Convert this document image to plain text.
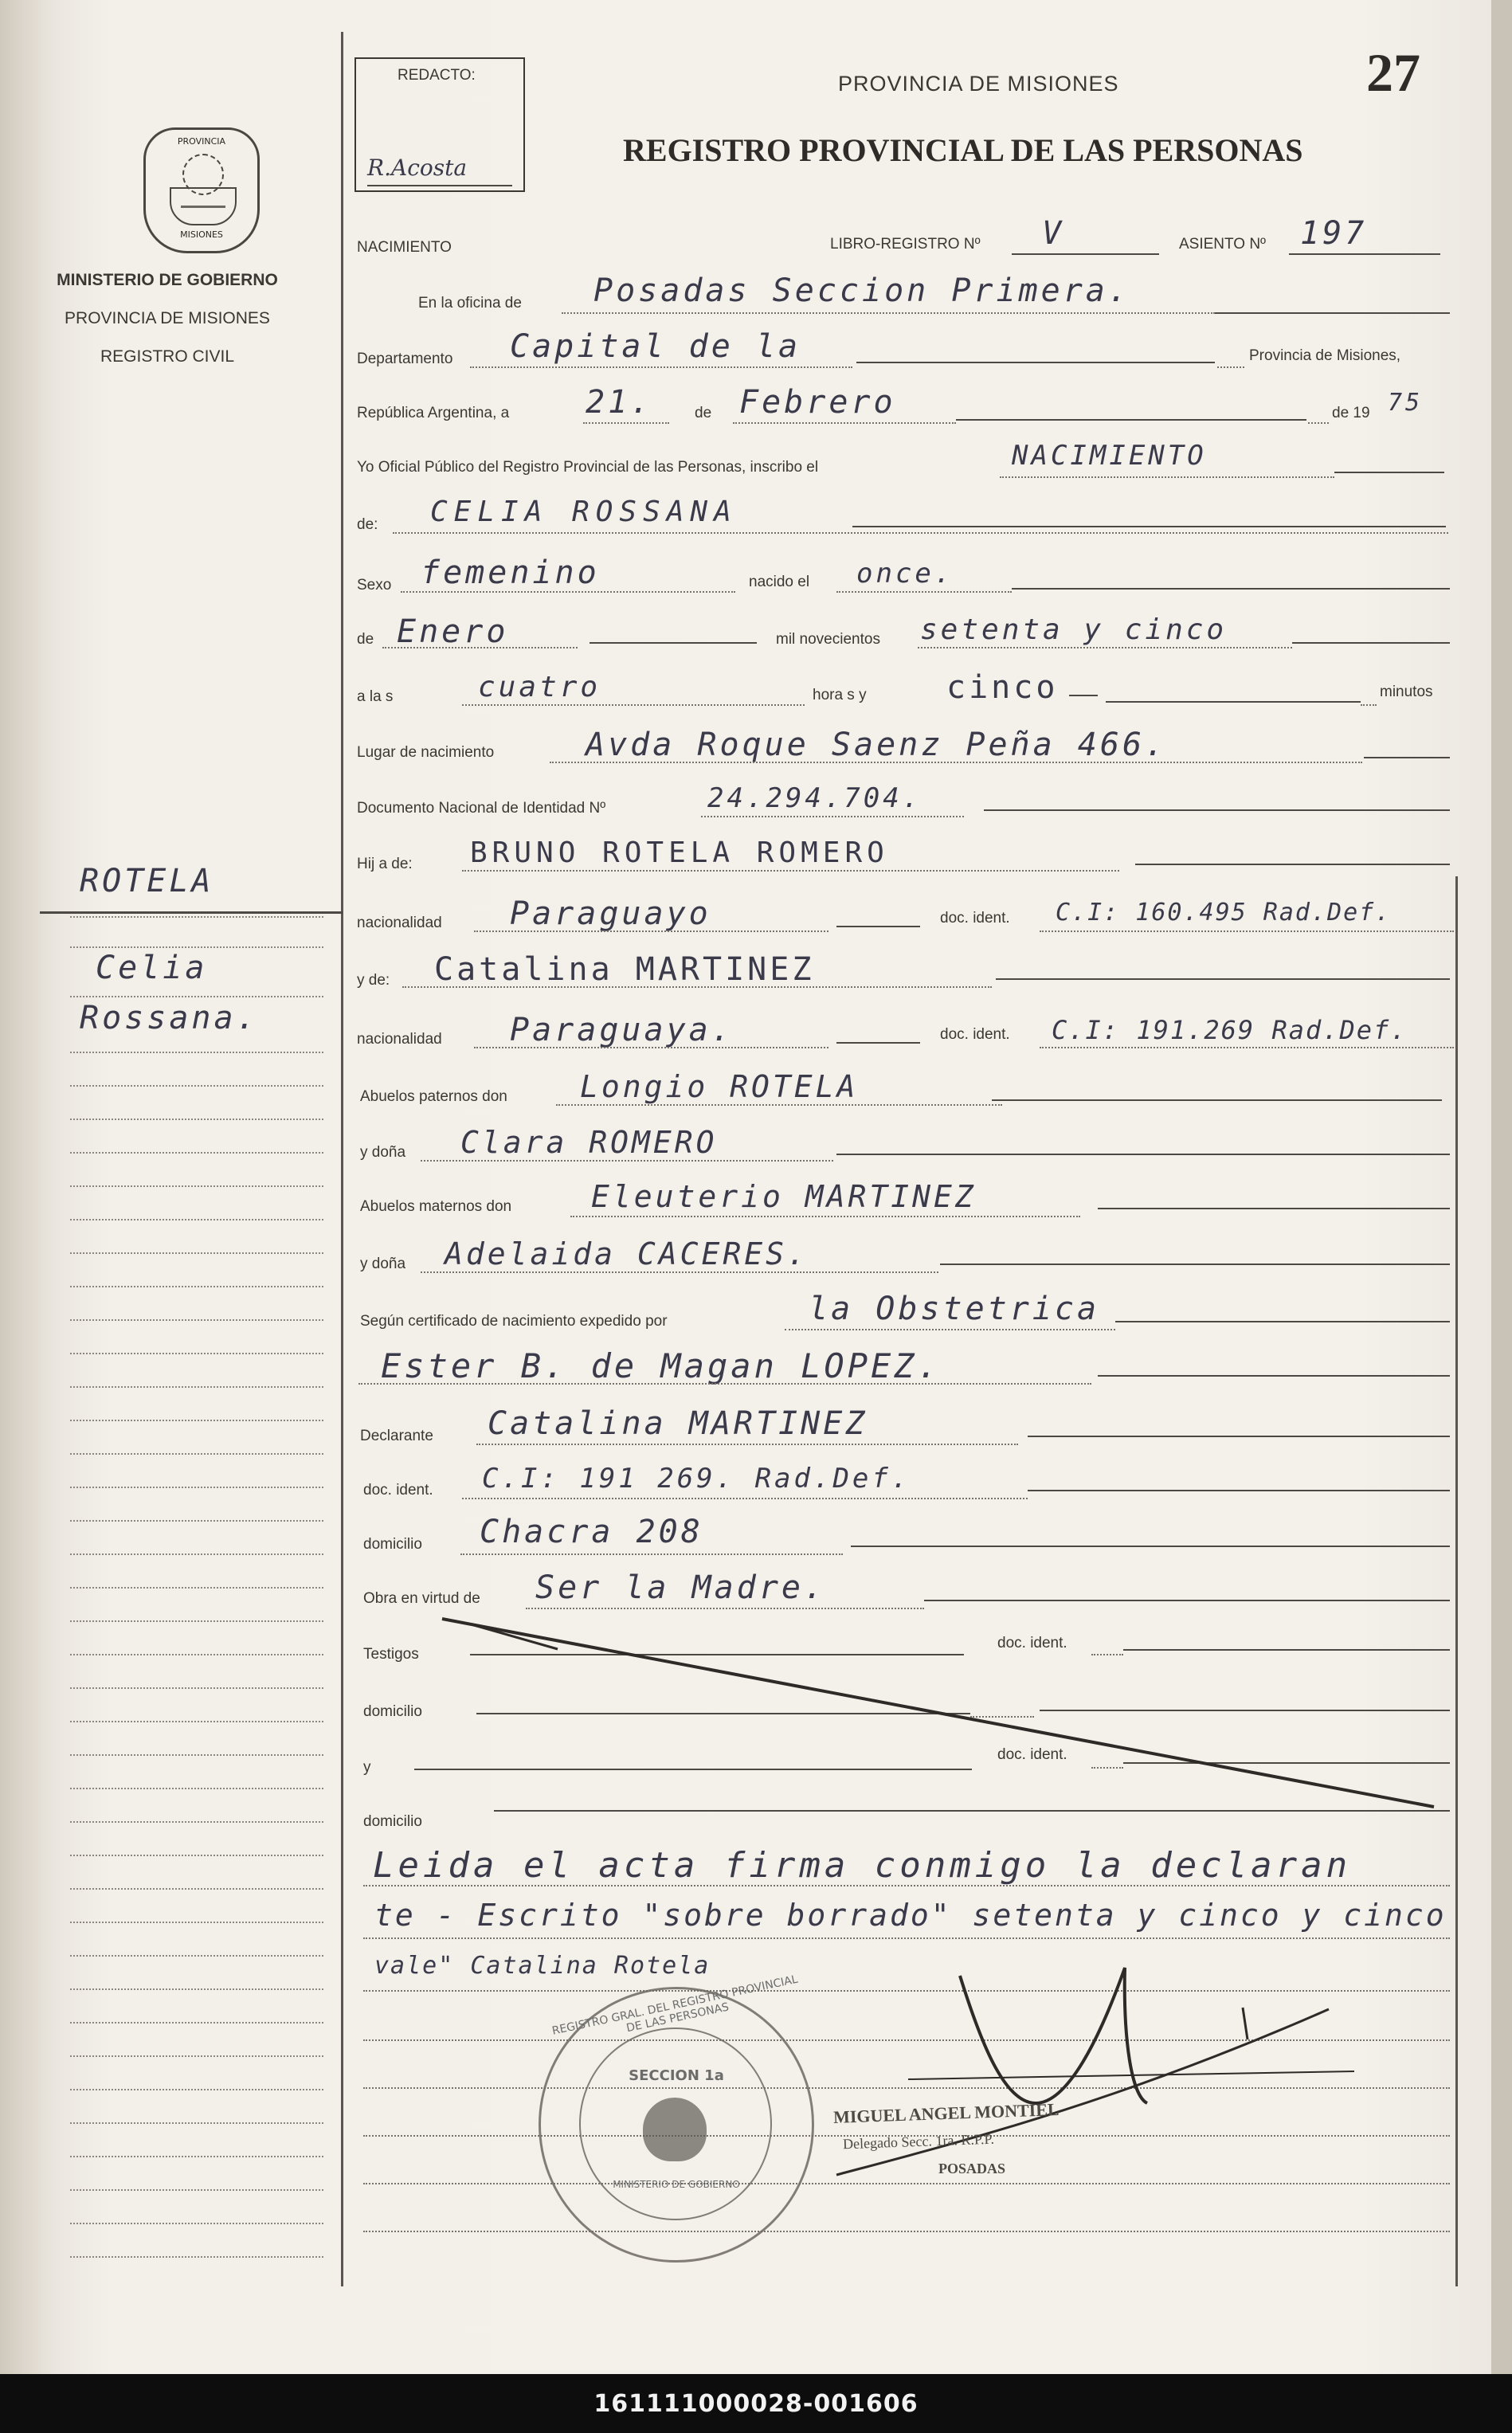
27
REDACTO:
R.Acosta
PROVINCIA DE MISIONES
REGISTRO PROVINCIAL DE LAS PERSONAS
PROVINCIA
MISIONES
MINISTERIO DE GOBIERNO
PROVINCIA DE MISIONES
REGISTRO CIVIL
ROTELA
Celia
Rossana.
NACIMIENTO	LIBRO-REGISTRO Nº V	ASIENTO Nº 197
En la oficina de Posadas Seccion Primera.
Departamento Capital de la	Provincia de Misiones,
República Argentina, a 21.	de Febrero	de 19 75
Yo Oficial Público del Registro Provincial de las Personas, inscribo el	NACIMIENTO
de: CELIA ROSSANA
Sexo femenino	nacido el once.
de Enero	mil novecientos setenta y cinco
a la s	cuatro	hora s y	cinco	minutos
Lugar de nacimiento	Avda Roque Saenz Peña 466.
Documento Nacional de Identidad Nº	24.294.704.
Hij a de: BRUNO ROTELA ROMERO
nacionalidad Paraguayo	doc. ident. C.I: 160.495 Rad.Def.
y de: Catalina MARTINEZ
nacionalidad Paraguaya.	doc. ident. C.I: 191.269 Rad.Def.
Abuelos paternos don Longio ROTELA
y doña Clara ROMERO
Abuelos maternos don	Eleuterio MARTINEZ
y doña Adelaida CACERES.
Según certificado de nacimiento expedido por	la Obstetrica
Ester B. de Magan LOPEZ.
Declarante Catalina MARTINEZ
doc. ident. C.I: 191 269. Rad.Def.
domicilio Chacra 208
Obra en virtud de Ser la Madre.
Testigos
doc. ident.
domicilio
y
doc. ident.
domicilio
Leida el acta firma conmigo la declaran
te - Escrito "sobre borrado" setenta y cinco y cinco
vale" Catalina Rotela
REGISTRO GRAL. DEL REGISTRO PROVINCIAL DE LAS PERSONAS
SECCION 1a
MINISTERIO DE GOBIERNO
MIGUEL ANGEL MONTIEL
Delegado Secc. 1ra. R.P.P.
POSADAS
161111000028-001606
